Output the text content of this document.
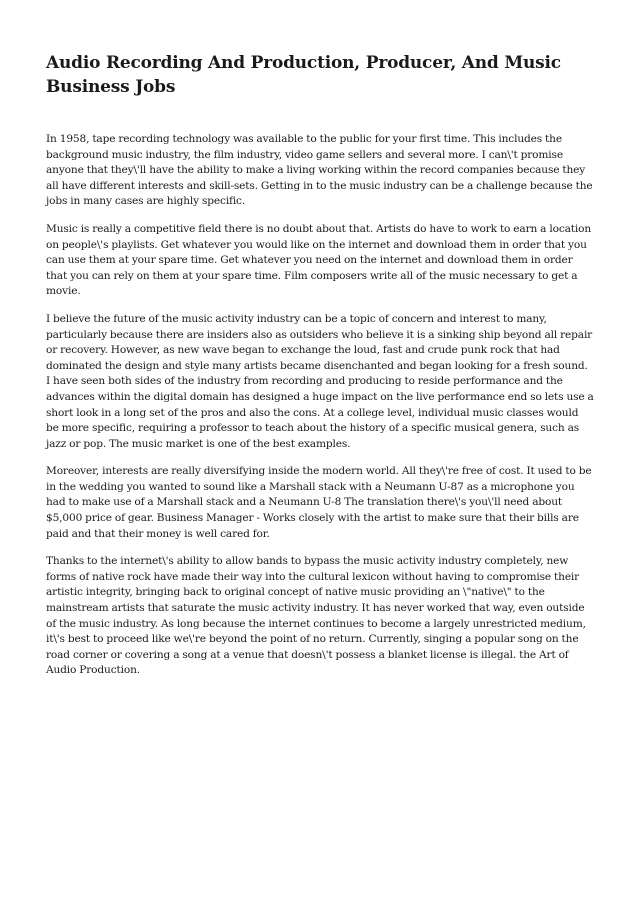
Audio Recording And Production, Producer, And Music Business Jobs

In 1958, tape recording technology was available to the public for your first time. This includes the background music industry, the film industry, video game sellers and several more. I can\'t promise anyone that they\'ll have the ability to make a living working within the record companies because they all have different interests and skill-sets. Getting in to the music industry can be a challenge because the jobs in many cases are highly specific.

Music is really a competitive field there is no doubt about that. Artists do have to work to earn a location on people\'s playlists. Get whatever you would like on the internet and download them in order that you can use them at your spare time. Get whatever you need on the internet and download them in order that you can rely on them at your spare time. Film composers write all of the music necessary to get a movie.

I believe the future of the music activity industry can be a topic of concern and interest to many, particularly because there are insiders also as outsiders who believe it is a sinking ship beyond all repair or recovery. However, as new wave began to exchange the loud, fast and crude punk rock that had dominated the design and style many artists became disenchanted and began looking for a fresh sound. I have seen both sides of the industry from recording and producing to reside performance and the advances within the digital domain has designed a huge impact on the live performance end so lets use a short look in a long set of the pros and also the cons. At a college level, individual music classes would be more specific, requiring a professor to teach about the history of a specific musical genera, such as jazz or pop. The music market is one of the best examples.

Moreover, interests are really diversifying inside the modern world. All they\'re free of cost. It used to be in the wedding you wanted to sound like a Marshall stack with a Neumann U-87 as a microphone you had to make use of a Marshall stack and a Neumann U-8 The translation there\'s you\'ll need about $5,000 price of gear. Business Manager - Works closely with the artist to make sure that their bills are paid and that their money is well cared for.

Thanks to the internet\'s ability to allow bands to bypass the music activity industry completely, new forms of native rock have made their way into the cultural lexicon without having to compromise their artistic integrity, bringing back to original concept of native music providing an \"native\" to the mainstream artists that saturate the music activity industry. It has never worked that way, even outside of the music industry. As long because the internet continues to become a largely unrestricted medium, it\'s best to proceed like we\'re beyond the point of no return. Currently, singing a popular song on the road corner or covering a song at a venue that doesn\'t possess a blanket license is illegal. the Art of Audio Production.
